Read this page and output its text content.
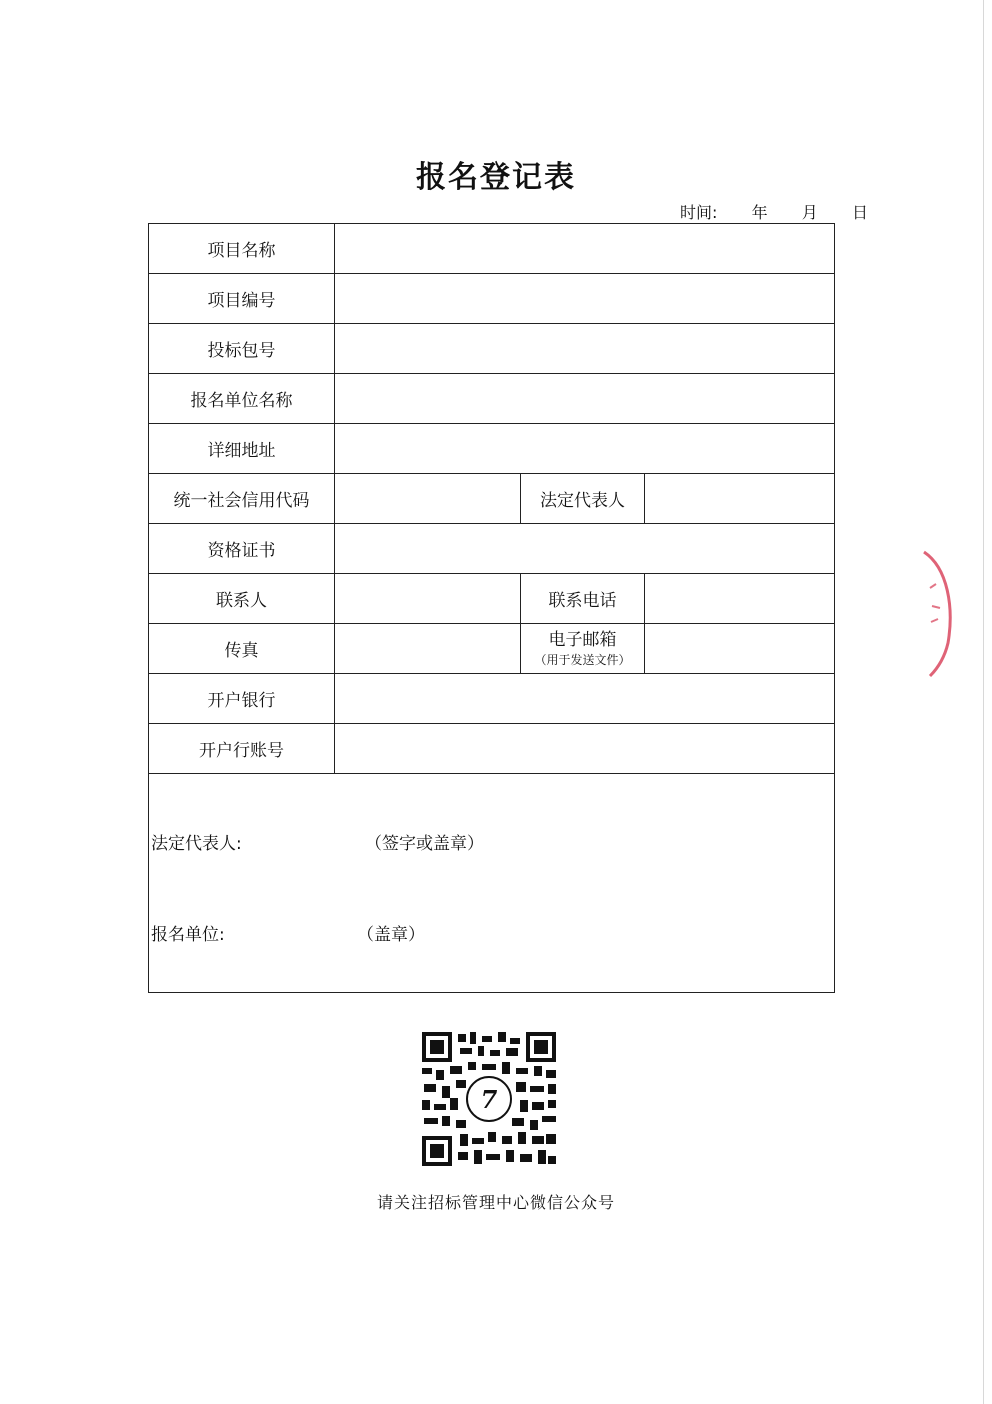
报名登记表
时间: 年 月 日
项目名称			
项目编号			
投标包号			
报名单位名称			
详细地址			
统一社会信用代码		法定代表人	
资格证书			
联系人		联系电话	
传真		电子邮箱
（用于发送文件）	

开户银行			
开户行账号			

法定代表人: （签字或盖章）
报名单位: （盖章）			
7
请关注招标管理中心微信公众号
